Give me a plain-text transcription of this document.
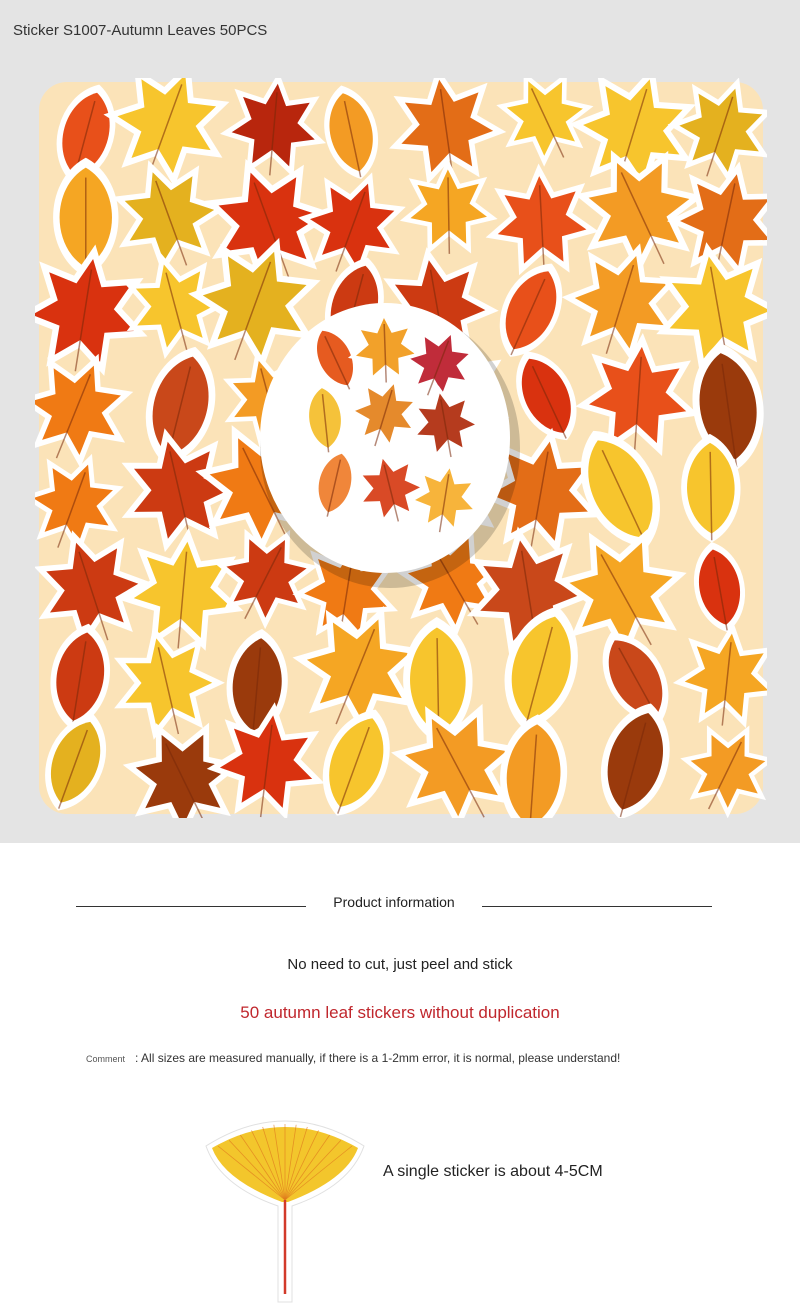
Sticker S1007-Autumn Leaves 50PCS
Product information
No need to cut, just peel and stick
50 autumn leaf stickers without duplication
Comment : All sizes are measured manually, if there is a 1-2mm error, it is normal, please understand!
A single sticker is about 4-5CM
